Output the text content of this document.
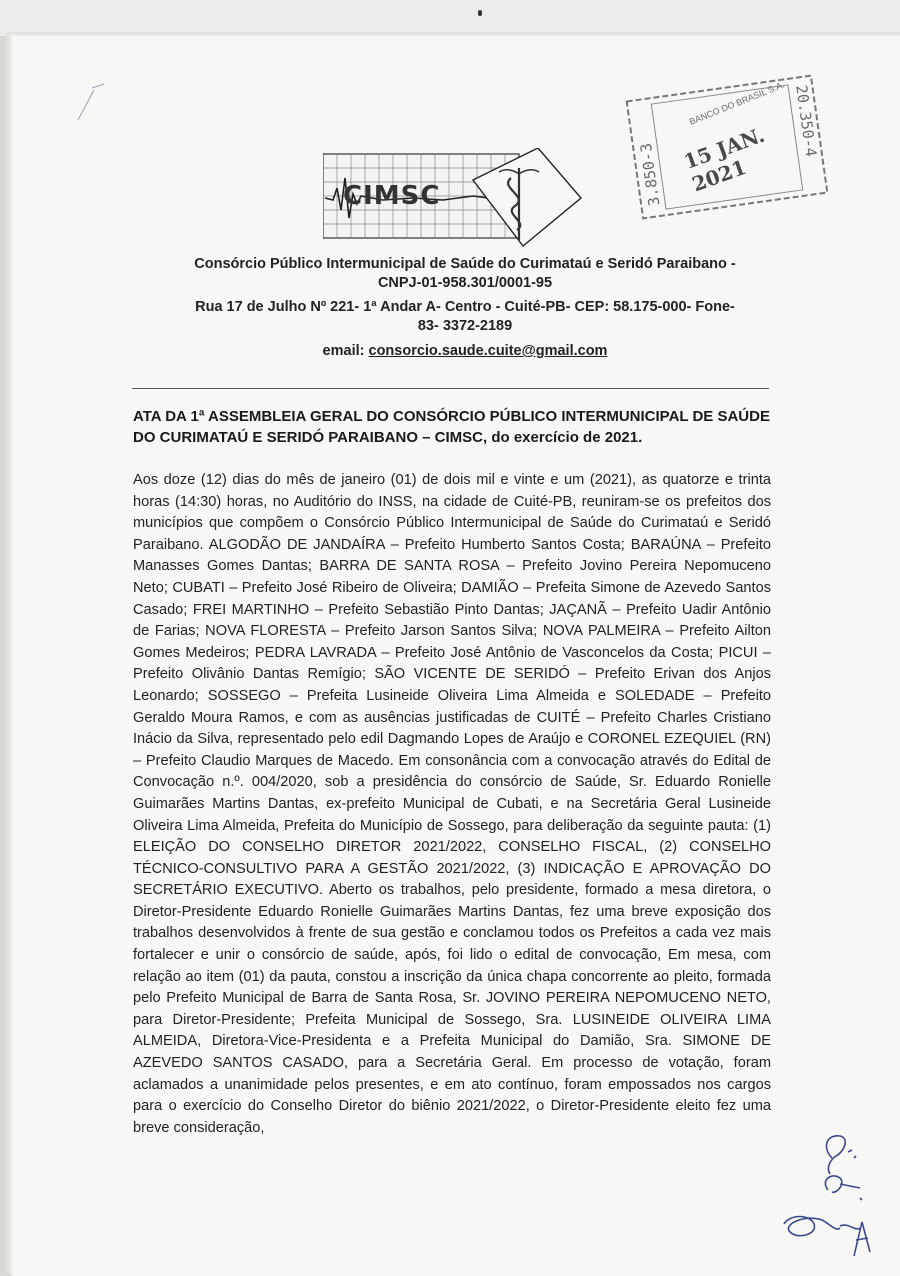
CIMSC	3.850-3
20.350-4
BANCO DO BRASIL S.A.
15 JAN. 2021
Consórcio Público Intermunicipal de Saúde do Curimataú e Seridó Paraibano -
CNPJ-01-958.301/0001-95
Rua 17 de Julho Nº 221- 1ª Andar A- Centro - Cuité-PB- CEP: 58.175-000- Fone-
83- 3372-2189
email: consorcio.saude.cuite@gmail.com
ATA DA 1ª ASSEMBLEIA GERAL DO CONSÓRCIO PÚBLICO INTERMUNICIPAL DE SAÚDE DO CURIMATAÚ E SERIDÓ PARAIBANO – CIMSC, do exercício de 2021.
Aos doze (12) dias do mês de janeiro (01) de dois mil e vinte e um (2021), as quatorze e trinta horas (14:30) horas, no Auditório do INSS, na cidade de Cuité-PB, reuniram-se os prefeitos dos municípios que compõem o Consórcio Público Intermunicipal de Saúde do Curimataú e Seridó Paraibano. ALGODÃO DE JANDAÍRA – Prefeito Humberto Santos Costa; BARAÚNA – Prefeito Manasses Gomes Dantas; BARRA DE SANTA ROSA – Prefeito Jovino Pereira Nepomuceno Neto; CUBATI – Prefeito José Ribeiro de Oliveira; DAMIÃO – Prefeita Simone de Azevedo Santos Casado; FREI MARTINHO – Prefeito Sebastião Pinto Dantas; JAÇANÃ – Prefeito Uadir Antônio de Farias; NOVA FLORESTA – Prefeito Jarson Santos Silva; NOVA PALMEIRA – Prefeito Ailton Gomes Medeiros; PEDRA LAVRADA – Prefeito José Antônio de Vasconcelos da Costa; PICUI – Prefeito Olivânio Dantas Remígio; SÃO VICENTE DE SERIDÓ – Prefeito Erivan dos Anjos Leonardo; SOSSEGO – Prefeita Lusineide Oliveira Lima Almeida e SOLEDADE – Prefeito Geraldo Moura Ramos, e com as ausências justificadas de CUITÉ – Prefeito Charles Cristiano Inácio da Silva, representado pelo edil Dagmando Lopes de Araújo e CORONEL EZEQUIEL (RN) – Prefeito Claudio Marques de Macedo. Em consonância com a convocação através do Edital de Convocação n.º. 004/2020, sob a presidência do consórcio de Saúde, Sr. Eduardo Ronielle Guimarães Martins Dantas, ex-prefeito Municipal de Cubati, e na Secretária Geral Lusineide Oliveira Lima Almeida, Prefeita do Município de Sossego, para deliberação da seguinte pauta: (1) ELEIÇÃO DO CONSELHO DIRETOR 2021/2022, CONSELHO FISCAL, (2) CONSELHO TÉCNICO-CONSULTIVO PARA A GESTÃO 2021/2022, (3) INDICAÇÃO E APROVAÇÃO DO SECRETÁRIO EXECUTIVO. Aberto os trabalhos, pelo presidente, formado a mesa diretora, o Diretor-Presidente Eduardo Ronielle Guimarães Martins Dantas, fez uma breve exposição dos trabalhos desenvolvidos à frente de sua gestão e conclamou todos os Prefeitos a cada vez mais fortalecer e unir o consórcio de saúde, após, foi lido o edital de convocação, Em mesa, com relação ao item (01) da pauta, constou a inscrição da única chapa concorrente ao pleito, formada pelo Prefeito Municipal de Barra de Santa Rosa, Sr. JOVINO PEREIRA NEPOMUCENO NETO, para Diretor-Presidente; Prefeita Municipal de Sossego, Sra. LUSINEIDE OLIVEIRA LIMA ALMEIDA, Diretora-Vice-Presidenta e a Prefeita Municipal do Damião, Sra. SIMONE DE AZEVEDO SANTOS CASADO, para a Secretária Geral. Em processo de votação, foram aclamados a unanimidade pelos presentes, e em ato contínuo, foram empossados nos cargos para o exercício do Conselho Diretor do biênio 2021/2022, o Diretor-Presidente eleito fez uma breve consideração,
